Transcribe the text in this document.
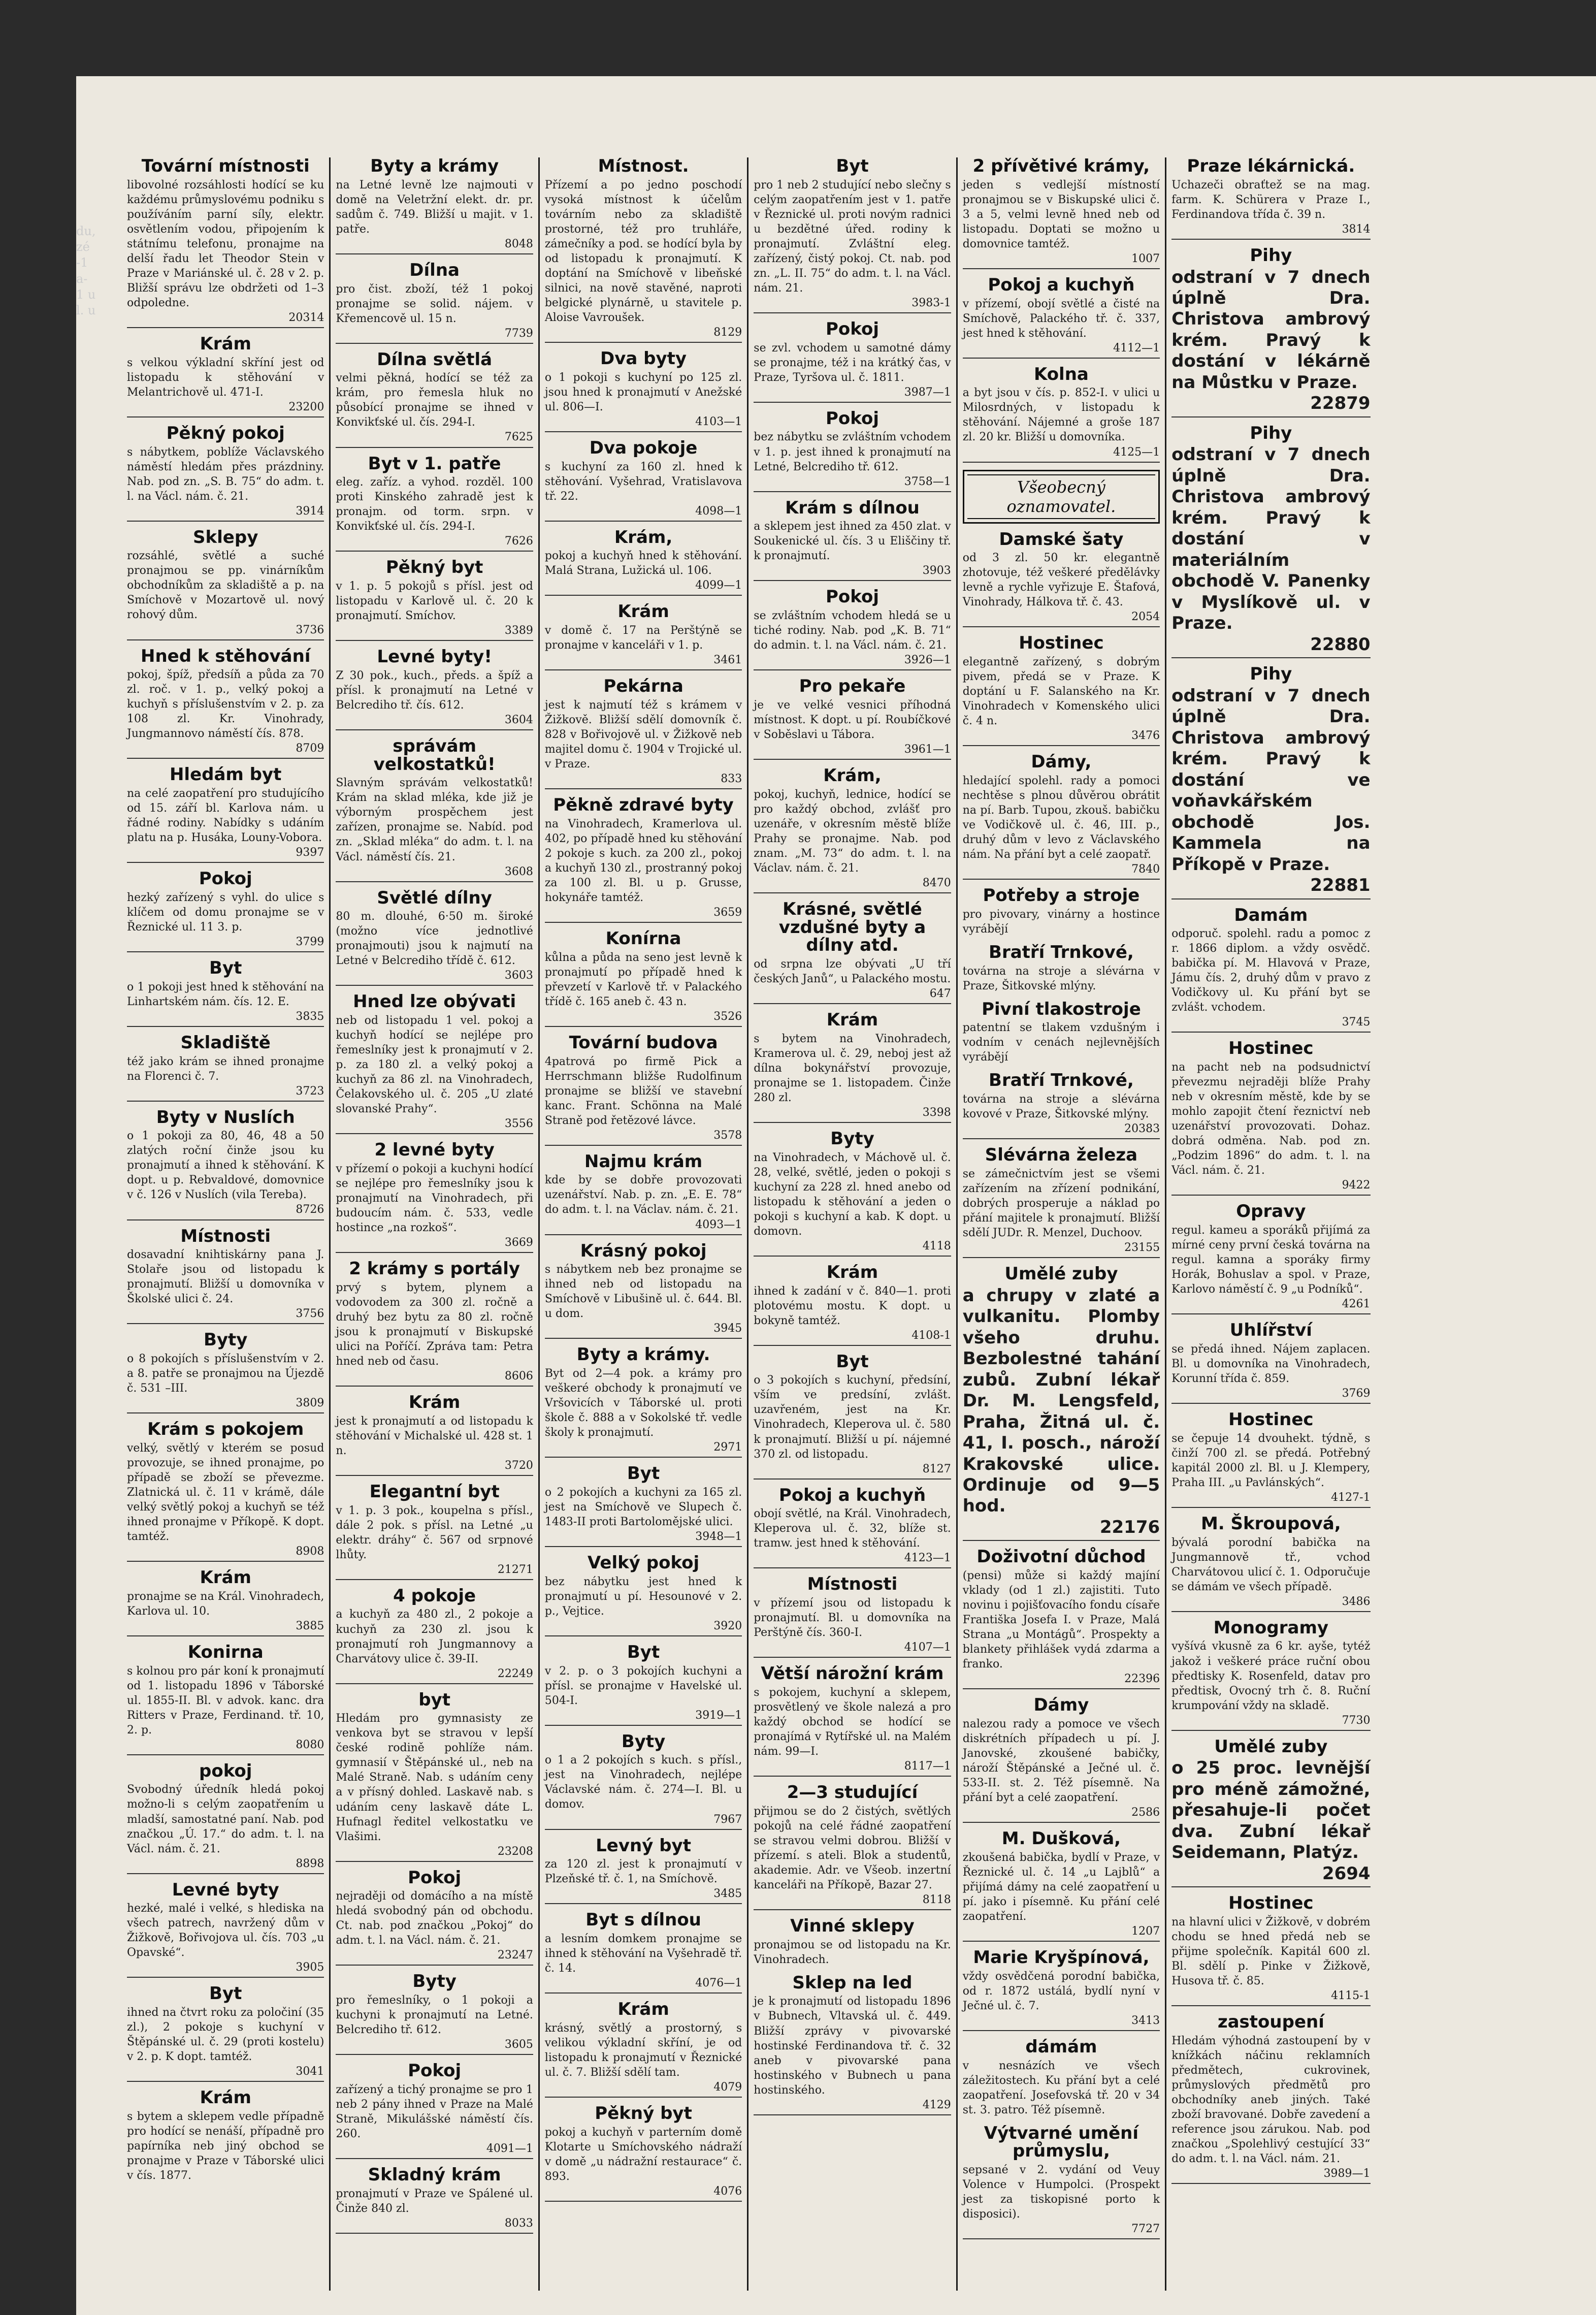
du, zé -1 a- 1 u l. u
Tovární místnosti

libovolné rozsáhlosti hodící se ku každému průmyslovému podniku s používáním parní síly, elektr. osvětlením vodou, připojením k státnímu telefonu, pronajme na delší řadu let Theodor Stein v Praze v Mariánské ul. č. 28 v 2. p. Bližší správu lze obdržeti od 1–3 odpoledne.

20314

Krám

s velkou výkladní skříní jest od listopadu k stěhování v Melantrichově ul. 471-I.

23200

Pěkný pokoj

s nábytkem, poblíže Václavského náměstí hledám přes prázdniny. Nab. pod zn. „S. B. 75“ do adm. t. l. na Václ. nám. č. 21.

3914

Sklepy

rozsáhlé, světlé a suché pronajmou se pp. vinárníkům obchodníkům za skladiště a p. na Smíchově v Mozartově ul. nový rohový dům.

3736

Hned k stěhování

pokoj, špíž, předsíň a půda za 70 zl. roč. v 1. p., velký pokoj a kuchyň s příslušenstvím v 2. p. za 108 zl. Kr. Vinohrady, Jungmannovo náměstí čís. 878.

8709

Hledám byt

na celé zaopatření pro studujícího od 15. září bl. Karlova nám. u řádné rodiny. Nabídky s udáním platu na p. Husáka, Louny-Vobora.

9397

Pokoj

hezký zařízený s vyhl. do ulice s klíčem od domu pronajme se v Řeznické ul. 11 3. p.

3799

Byt

o 1 pokoji jest hned k stěhování na Linhartském nám. čís. 12. E.

3835

Skladiště

též jako krám se ihned pronajme na Florenci č. 7.

3723

Byty v Nuslích

o 1 pokoji za 80, 46, 48 a 50 zlatých roční činže jsou ku pronajmutí a ihned k stěhování. K dopt. u p. Rebvaldové, domovnice v č. 126 v Nuslích (vila Tereba).

8726

Místnosti

dosavadní knihtiskárny pana J. Stolaře jsou od listopadu k pronajmutí. Bližší u domovníka v Školské ulici č. 24.

3756

Byty

o 8 pokojích s příslušenstvím v 2. a 8. patře se pronajmou na Újezdě č. 531 –III.

3809

Krám s pokojem

velký, světlý v kterém se posud provozuje, se ihned pronajme, po případě se zboží se převezme. Zlatnická ul. č. 11 v krámě, dále velký světlý pokoj a kuchyň se též ihned pronajme v Příkopě. K dopt. tamtéž.

8908

Krám

pronajme se na Král. Vinohradech, Karlova ul. 10.

3885

Konirna

s kolnou pro pár koní k pronajmutí od 1. listopadu 1896 v Táborské ul. 1855-II. Bl. v advok. kanc. dra Ritters v Praze, Ferdinand. tř. 10, 2. p.

8080

pokoj

Svobodný úředník hledá pokoj možno-li s celým zaopatřením u mladší, samostatné paní. Nab. pod značkou „Ú. 17.“ do adm. t. l. na Václ. nám. č. 21.

8898

Levné byty

hezké, malé i velké, s hlediska na všech patrech, navržený dům v Žižkově, Bořivojova ul. čís. 703 „u Opavské“.

3905

Byt

ihned na čtvrt roku za poločiní (35 zl.), 2 pokoje s kuchyní v Štěpánské ul. č. 29 (proti kostelu) v 2. p. K dopt. tamtéž.

3041

Krám

s bytem a sklepem vedle případně pro hodící se nenáší, případně pro papírníka neb jiný obchod se pronajme v Praze v Táborské ulici v čís. 1877.

Byty a krámy

na Letné levně lze najmouti v domě na Veletržní elekt. dr. pr. sadům č. 749. Bližší u majit. v 1. patře.

8048

Dílna

pro čist. zboží, též 1 pokoj pronajme se solid. nájem. v Křemencově ul. 15 n.

7739

Dílna světlá

velmi pěkná, hodící se též za krám, pro řemesla hluk no působící pronajme se ihned v Konvikťské ul. čís. 294-I.

7625

Byt v 1. patře

eleg. zaříz. a vyhod. rozděl. 100 proti Kinského zahradě jest k pronajm. od torm. srpn. v Konvikťské ul. čís. 294-I.

7626

Pěkný byt

v 1. p. 5 pokojů s přísl. jest od listopadu v Karlově ul. č. 20 k pronajmutí. Smíchov.

3389

Levné byty!

Z 30 pok., kuch., předs. a špíž a přísl. k pronajmutí na Letné v Belcrediho tř. čís. 612.

3604

správám velkostatků!

Slavným správám velkostatků! Krám na sklad mléka, kde již je výborným prospěchem jest zařízen, pronajme se. Nabíd. pod zn. „Sklad mléka“ do adm. t. l. na Václ. náměstí čís. 21.

3608

Světlé dílny

80 m. dlouhé, 6·50 m. široké (možno více jednotlivé pronajmouti) jsou k najmutí na Letné v Belcrediho třídě č. 612.

3603

Hned lze obývati

neb od listopadu 1 vel. pokoj a kuchyň hodící se nejlépe pro řemeslníky jest k pronajmutí v 2. p. za 180 zl. a velký pokoj a kuchyň za 86 zl. na Vinohradech, Čelakovského ul. č. 205 „U zlaté slovanské Prahy“.

3556

2 levné byty

v přízemí o pokoji a kuchyni hodící se nejlépe pro řemeslníky jsou k pronajmutí na Vinohradech, při budoucím nám. č. 533, vedle hostince „na rozkoš“.

3669

2 krámy s portály

prvý s bytem, plynem a vodovodem za 300 zl. ročně a druhý bez bytu za 80 zl. ročně jsou k pronajmutí v Biskupské ulici na Poříčí. Zpráva tam: Petra hned neb od času.

8606

Krám

jest k pronajmutí a od listopadu k stěhování v Michalské ul. 428 st. 1 n.

3720

Elegantní byt

v 1. p. 3 pok., koupelna s přísl., dále 2 pok. s přísl. na Letné „u elektr. dráhy“ č. 567 od srpnové lhůty.

21271

4 pokoje

a kuchyň za 480 zl., 2 pokoje a kuchyň za 230 zl. jsou k pronajmutí roh Jungmannovy a Charvátovy ulice č. 39-II.

22249

byt

Hledám pro gymnasisty ze venkova byt se stravou v lepší české rodině pohlíže nám. gymnasií v Štěpánské ul., neb na Malé Straně. Nab. s udáním ceny a v přísný dohled. Laskavě nab. s udáním ceny laskavě dáte L. Hufnagl ředitel velkostatku ve Vlašimi.

23208

Pokoj

nejraději od domácího a na místě hledá svobodný pán od obchodu. Ct. nab. pod značkou „Pokoj“ do adm. t. l. na Václ. nám. č. 21.

23247

Byty

pro řemeslníky, o 1 pokoji a kuchyni k pronajmutí na Letné. Belcrediho tř. 612.

3605

Pokoj

zařízený a tichý pronajme se pro 1 neb 2 pány ihned v Praze na Malé Straně, Mikulášské náměstí čís. 260.

4091—1

Skladný krám

pronajmutí v Praze ve Spálené ul. Činže 840 zl.

8033

Místnost.

Přízemí a po jedno poschodí vysoká místnost k účelům továrním nebo za skladiště prostorné, též pro truhláře, zámečníky a pod. se hodící byla by od listopadu k pronajmutí. K doptání na Smíchově v libeňské silnici, na nově stavěné, naproti belgické plynárně, u stavitele p. Aloise Vavroušek.

8129

Dva byty

o 1 pokoji s kuchyní po 125 zl. jsou hned k pronajmutí v Anežské ul. 806—I.

4103—1

Dva pokoje

s kuchyní za 160 zl. hned k stěhování. Vyšehrad, Vratislavova tř. 22.

4098—1

Krám,

pokoj a kuchyň hned k stěhování. Malá Strana, Lužická ul. 106.

4099—1

Krám

v domě č. 17 na Perštýně se pronajme v kanceláři v 1. p.

3461

Pekárna

jest k najmutí též s krámem v Žižkově. Bližší sdělí domovník č. 828 v Bořivojově ul. v Žižkově neb majitel domu č. 1904 v Trojické ul. v Praze.

833

Pěkně zdravé byty

na Vinohradech, Kramerlova ul. 402, po případě hned ku stěhování 2 pokoje s kuch. za 200 zl., pokoj a kuchyň 130 zl., prostranný pokoj za 100 zl. Bl. u p. Grusse, hokynáře tamtéž.

3659

Konírna

kůlna a půda na seno jest levně k pronajmutí po případě hned k převzetí v Karlově tř. v Palackého třídě č. 165 aneb č. 43 n.

3526

Tovární budova

4patrová po firmě Pick a Herrschmann bližše Rudolfinum pronajme se bližší ve stavební kanc. Frant. Schönna na Malé Straně pod řetězové lávce.

3578

Najmu krám

kde by se dobře provozovati uzenářství. Nab. p. zn. „E. E. 78“ do adm. t. l. na Václav. nám. č. 21.

4093—1

Krásný pokoj

s nábytkem neb bez pronajme se ihned neb od listopadu na Smíchově v Libušině ul. č. 644. Bl. u dom.

3945

Byty a krámy.

Byt od 2—4 pok. a krámy pro veškeré obchody k pronajmutí ve Vršovicích v Táborské ul. proti škole č. 888 a v Sokolské tř. vedle školy k pronajmutí.

2971

Byt

o 2 pokojích a kuchyni za 165 zl. jest na Smíchově ve Slupech č. 1483-II proti Bartolomějské ulici.

3948—1

Velký pokoj

bez nábytku jest hned k pronajmutí u pí. Hesounové v 2. p., Vejtice.

3920

Byt

v 2. p. o 3 pokojích kuchyni a přísl. se pronajme v Havelské ul. 504-I.

3919—1

Byty

o 1 a 2 pokojích s kuch. s přísl., jest na Vinohradech, nejlépe Václavské nám. č. 274—I. Bl. u domov.

7967

Levný byt

za 120 zl. jest k pronajmutí v Plzeňské tř. č. 1, na Smíchově.

3485

Byt s dílnou

a lesním domkem pronajme se ihned k stěhování na Vyšehradě tř. č. 14.

4076—1

Krám

krásný, světlý a prostorný, s velikou výkladní skříní, je od listopadu k pronajmutí v Řeznické ul. č. 7. Bližší sdělí tam.

4079

Pěkný byt

pokoj a kuchyň v parterním domě Klotarte u Smíchovského nádraží v domě „u nádražní restaurace“ č. 893.

4076

Byt

pro 1 neb 2 studující nebo slečny s celým zaopatřením jest v 1. patře v Řeznické ul. proti novým radnici u bezdětné úřed. rodiny k pronajmutí. Zvláštní eleg. zařízený, čistý pokoj. Ct. nab. pod zn. „L. II. 75“ do adm. t. l. na Václ. nám. 21.

3983-1

Pokoj

se zvl. vchodem u samotné dámy se pronajme, též i na krátký čas, v Praze, Tyršova ul. č. 1811.

3987—1

Pokoj

bez nábytku se zvláštním vchodem v 1. p. jest ihned k pronajmutí na Letné, Belcrediho tř. 612.

3758—1

Krám s dílnou

a sklepem jest ihned za 450 zlat. v Soukenické ul. čís. 3 u Eliščiny tř. k pronajmutí.

3903

Pokoj

se zvláštním vchodem hledá se u tiché rodiny. Nab. pod „K. B. 71“ do admin. t. l. na Václ. nám. č. 21.

3926—1

Pro pekaře

je ve velké vesnici příhodná místnost. K dopt. u pí. Roubíčkové v Soběslavi u Tábora.

3961—1

Krám,

pokoj, kuchyň, lednice, hodící se pro každý obchod, zvlášť pro uzenáře, v okresním městě blíže Prahy se pronajme. Nab. pod znam. „M. 73“ do adm. t. l. na Václav. nám. č. 21.

8470

Krásné, světlé vzdušné byty a dílny atd.

od srpna lze obývati „U tří českých Janů“, u Palackého mostu.

647

Krám

s bytem na Vinohradech, Kramerova ul. č. 29, neboj jest až dílna bokynářství provozuje, pronajme se 1. listopadem. Činže 280 zl.

3398

Byty

na Vinohradech, v Máchově ul. č. 28, velké, světlé, jeden o pokoji s kuchyní za 228 zl. hned anebo od listopadu k stěhování a jeden o pokoji s kuchyní a kab. K dopt. u domovn.

4118

Krám

ihned k zadání v č. 840—1. proti plotovému mostu. K dopt. u bokyně tamtéž.

4108-1

Byt

o 3 pokojích s kuchyní, předsíní, vším ve predsíní, zvlášt. uzavřeném, jest na Kr. Vinohradech, Kleperova ul. č. 580 k pronajmutí. Bližší u pí. nájemné 370 zl. od listopadu.

8127

Pokoj a kuchyň

obojí světlé, na Král. Vinohradech, Kleperova ul. č. 32, blíže st. tramw. jest hned k stěhování.

4123—1

Místnosti

v přízemí jsou od listopadu k pronajmutí. Bl. u domovníka na Perštýně čís. 360-I.

4107—1

Větší nárožní krám

s pokojem, kuchyní a sklepem, prosvětlený ve škole nalezá a pro každý obchod se hodící se pronajímá v Rytířské ul. na Malém nám. 99—I.

8117—1

2—3 studující

přijmou se do 2 čistých, světlých pokojů na celé řádné zaopatření se stravou velmi dobrou. Bližší v přízemí. s ateli. Blok a studentů, akademie. Adr. ve Všeob. inzertní kanceláři na Příkopě, Bazar 27.

8118

Vinné sklepy

pronajmou se od listopadu na Kr. Vinohradech.

Sklep na led

je k pronajmutí od listopadu 1896 v Bubnech, Vltavská ul. č. 449. Bližší zprávy v pivovarské hostinské Ferdinandova tř. č. 32 aneb v pivovarské pana hostinského v Bubnech u pana hostinského.

4129

2 přívětivé krámy,

jeden s vedlejší místností pronajmou se v Biskupské ulici č. 3 a 5, velmi levně hned neb od listopadu. Doptati se možno u domovnice tamtéž.

1007

Pokoj a kuchyň

v přízemí, obojí světlé a čisté na Smíchově, Palackého tř. č. 337, jest hned k stěhování.

4112—1

Kolna

a byt jsou v čís. p. 852-I. v ulici u Milosrdných, v listopadu k stěhování. Nájemné a groše 187 zl. 20 kr. Bližší u domovníka.

4125—1

Všeobecný oznamovatel.
Damské šaty

od 3 zl. 50 kr. elegantně zhotovuje, též veškeré předělávky levně a rychle vyřizuje E. Štafová, Vinohrady, Hálkova tř. č. 43.

2054

Hostinec

elegantně zařízený, s dobrým pivem, předá se v Praze. K doptání u F. Salanského na Kr. Vinohradech v Komenského ulici č. 4 n.

3476

Dámy,

hledající spolehl. rady a pomoci nechtěse s plnou důvěrou obrátit na pí. Barb. Tupou, zkouš. babičku ve Vodičkově ul. č. 46, III. p., druhý dům v levo z Václavského nám. Na přání byt a celé zaopatř.

7840

Potřeby a stroje

pro pivovary, vinárny a hostince vyrábějí

Bratří Trnkové,

továrna na stroje a slévárna v Praze, Šitkovské mlýny.

Pivní tlakostroje

patentní se tlakem vzdušným i vodním v cenách nejlevnějších vyrábějí

Bratří Trnkové,

továrna na stroje a slévárna kovové v Praze, Šitkovské mlýny.

20383

Slévárna železa

se zámečnictvím jest se všemi zařízením na zřízení podnikání, dobrých prosperuje a náklad po přání majitele k pronajmutí. Bližší sdělí JUDr. R. Menzel, Duchoov.

23155

Umělé zuby

a chrupy v zlaté a vulkanitu. Plomby všeho druhu. Bezbolestné tahání zubů. Zubní lékař Dr. M. Lengsfeld, Praha, Žitná ul. č. 41, I. posch., nároží Krakovské ulice. Ordinuje od 9—5 hod.

22176

Doživotní důchod

(pensi) může si každý majíní vklady (od 1 zl.) zajistiti. Tuto novinu i pojišťovacího fondu císaře Františka Josefa I. v Praze, Malá Strana „u Montágů“. Prospekty a blankety přihlášek vydá zdarma a franko.

22396

Dámy

nalezou rady a pomoce ve všech diskrétních případech u pí. J. Janovské, zkoušené babičky, nároží Štěpánské a Ječné ul. č. 533-II. st. 2. Též písemně. Na přání byt a celé zaopatření.

2586

M. Dušková,

zkoušená babička, bydlí v Praze, v Řeznické ul. č. 14 „u Lajblů“ a přijímá dámy na celé zaopatření u pí. jako i písemně. Ku přání celé zaopatření.

1207

Marie Kryšpínová,

vždy osvědčená porodní babička, od r. 1872 ustálá, bydlí nyní v Ječné ul. č. 7.

3413

dámám

v nesnázích ve všech záležitostech. Ku přání byt a celé zaopatření. Josefovská tř. 20 v 34 st. 3. patro. Též písemně.

Výtvarné umění průmyslu,

sepsané v 2. vydání od Veuy Volence v Humpolci. (Prospekt jest za tiskopisné porto k disposici).

7727

Praze lékárnická.

Uchazeči obraťtež se na mag. farm. K. Schürera v Praze I., Ferdinandova třída č. 39 n.

3814

Pihy

odstraní v 7 dnech úplně Dra. Christova ambrový krém. Pravý k dostání v lékárně na Můstku v Praze.

22879

Pihy

odstraní v 7 dnech úplně Dra. Christova ambrový krém. Pravý k dostání v materiálním obchodě V. Panenky v Myslíkově ul. v Praze.

22880

Pihy

odstraní v 7 dnech úplně Dra. Christova ambrový krém. Pravý k dostání ve voňavkářském obchodě Jos. Kammela na Příkopě v Praze.

22881

Damám

odporuč. spolehl. radu a pomoc z r. 1866 diplom. a vždy osvědč. babička pí. M. Hlavová v Praze, Jámu čís. 2, druhý dům v pravo z Vodičkovy ul. Ku přání byt se zvlášt. vchodem.

3745

Hostinec

na pacht neb na podsudnictví převezmu nejraději blíže Prahy neb v okresním městě, kde by se mohlo zapojit čtení řeznictví neb uzenářství provozovati. Dohaz. dobrá odměna. Nab. pod zn. „Podzim 1896“ do adm. t. l. na Václ. nám. č. 21.

9422

Opravy

regul. kameu a sporáků přijímá za mírné ceny první česká továrna na regul. kamna a sporáky firmy Horák, Bohuslav a spol. v Praze, Karlovo náměstí č. 9 „u Podníků“.

4261

Uhlířství

se předá ihned. Nájem zaplacen. Bl. u domovníka na Vinohradech, Korunní třída č. 859.

3769

Hostinec

se čepuje 14 dvouhekt. týdně, s činží 700 zl. se předá. Potřebný kapitál 2000 zl. Bl. u J. Klempery, Praha III. „u Pavlánských“.

4127-1

M. Škroupová,

bývalá porodní babička na Jungmannově tř., vchod Charvátovou ulicí č. 1. Odporučuje se dámám ve všech případě.

3486

Monogramy

vyšívá vkusně za 6 kr. ayše, tytéž jakož i veškeré práce ruční obou předtisky K. Rosenfeld, datav pro předtisk, Ovocný trh č. 8. Ruční krumpování vždy na skladě.

7730

Umělé zuby

o 25 proc. levnější pro méně zámožné, přesahuje-li počet dva. Zubní lékař Seidemann, Platýz.

2694

Hostinec

na hlavní ulici v Žižkově, v dobrém chodu se hned předá neb se přijme společník. Kapitál 600 zl. Bl. sdělí p. Pinke v Žižkově, Husova tř. č. 85.

4115-1

zastoupení

Hledám výhodná zastoupení by v knížkách náčinu reklamních předmětech, cukrovinek, průmyslových předmětů pro obchodníky aneb jiných. Také zboží bravované. Dobře zavedení a reference jsou zárukou. Nab. pod značkou „Spolehlivý cestující 33“ do adm. t. l. na Václ. nám. 21.

3989—1
